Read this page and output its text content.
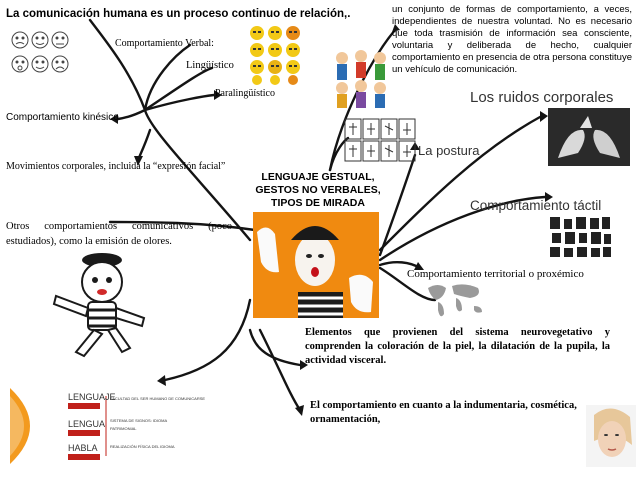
La comunicación humana es un proceso continuo de relación,.
Comportamiento Verbal:
Lingüístico
Paralingüístico
Comportamiento kinésico
Movimientos corporales, incluida la “expresión facial”
Otros comportamientos comunicativos (poco estudiados), como la emisión de olores.
un conjunto de formas de comportamiento, a veces, independientes de nuestra voluntad. No es necesario que toda trasmisión de información sea consciente, voluntaria y deliberada de hecho, cualquier comportamiento en presencia de otra persona constituye un vehículo de comunicación.
Los ruidos corporales
La postura
Comportamiento táctil
Comportamiento territorial o proxémico
LENGUAJE GESTUAL, GESTOS NO VERBALES, TIPOS DE MIRADA
Elementos que provienen del sistema neurovegetativo y comprenden la coloración de la piel, la dilatación de la pupila, la actividad visceral.
El comportamiento en cuanto a la indumentaria, cosmética, ornamentación,
LENGUAJE
LENGUA
HABLA
FACULTAD DEL SER HUMANO DE COMUNICARSE
SISTEMA DE SIGNOS: IDIOMA
PATRIMONIAL
REALIZACIÓN FÍSICA DEL IDIOMA
